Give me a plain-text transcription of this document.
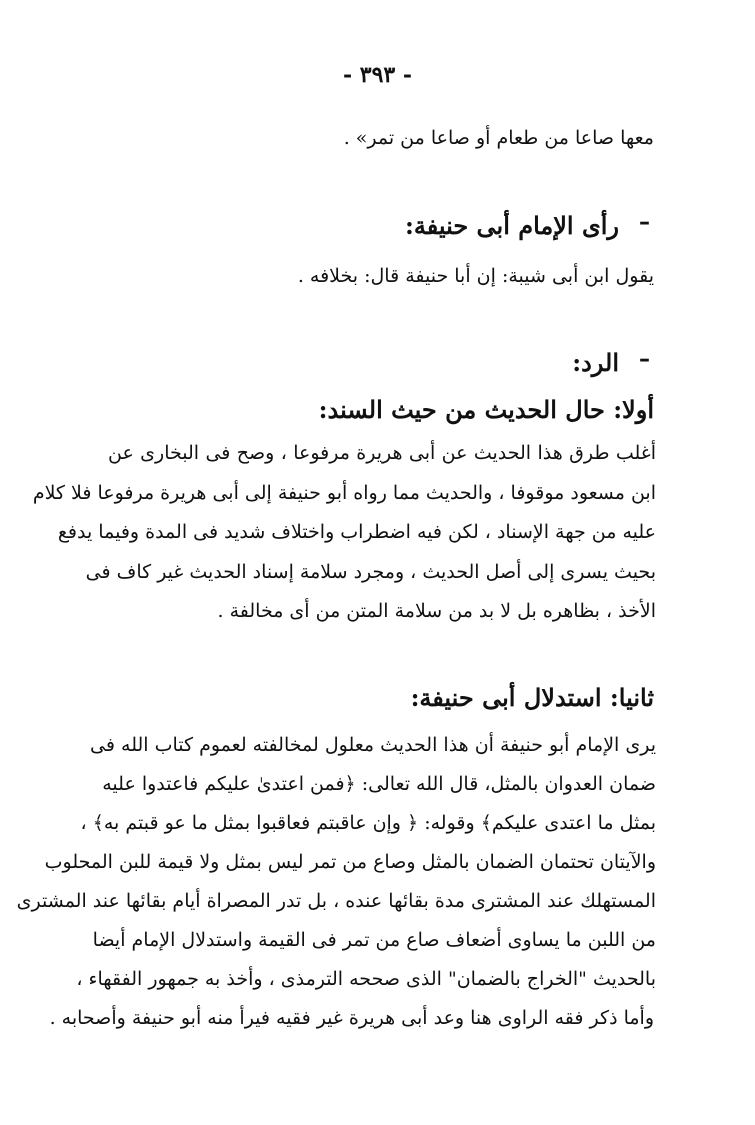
- ٣٩٣ -
معها صاعا من طعام أو صاعا من تمر» .
–
رأى الإمام أبى حنيفة:
يقول ابن أبى شيبة: إن أبا حنيفة قال: بخلافه .
–
الرد:
أولا: حال الحديث من حيث السند:
أغلب طرق هذا الحديث عن أبى هريرة مرفوعا ، وصح فى البخارى عن
ابن مسعود موقوفا ، والحديث مما رواه أبو حنيفة إلى أبى هريرة مرفوعا فلا كلام
عليه من جهة الإسناد ، لكن فيه اضطراب واختلاف شديد فى المدة وفيما يدفع
بحيث يسرى إلى أصل الحديث ، ومجرد سلامة إسناد الحديث غير كاف فى
الأخذ ، بظاهره بل لا بد من سلامة المتن من أى مخالفة .
ثانيا: استدلال أبى حنيفة:
يرى الإمام أبو حنيفة أن هذا الحديث معلول لمخالفته لعموم كتاب الله فى
ضمان العدوان بالمثل، قال الله تعالى: ﴿فمن اعتدىٰ عليكم فاعتدوا عليه
بمثل ما اعتدى عليكم﴾ وقوله: ﴿ وإن عاقبتم فعاقبوا بمثل ما عو قبتم به﴾ ،
والآيتان تحتمان الضمان بالمثل وصاع من تمر ليس بمثل ولا قيمة للبن المحلوب
المستهلك عند المشترى مدة بقائها عنده ، بل تدر المصراة أيام بقائها عند المشترى
من اللبن ما يساوى أضعاف صاع من تمر فى القيمة واستدلال الإمام أيضا
بالحديث "الخراج بالضمان" الذى صححه الترمذى ، وأخذ به جمهور الفقهاء ،
وأما ذكر فقه الراوى هنا وعد أبى هريرة غير فقيه فيرأ منه أبو حنيفة وأصحابه .
